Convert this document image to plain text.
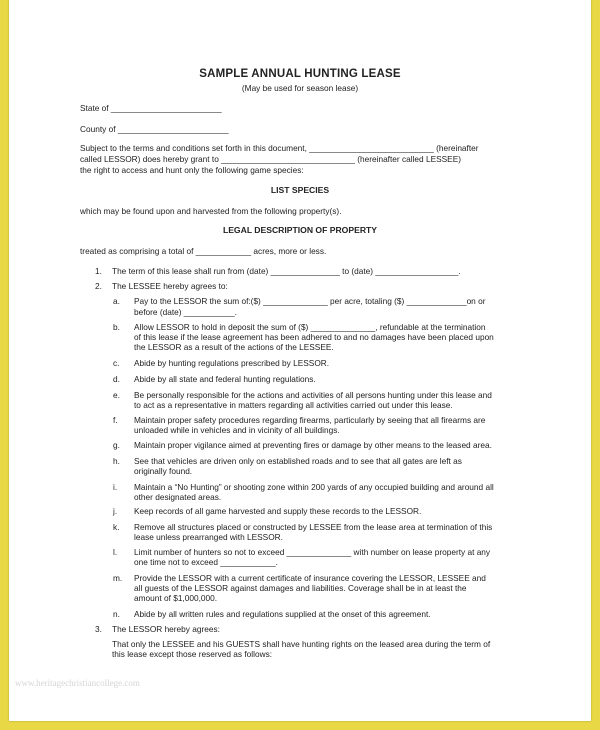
SAMPLE ANNUAL HUNTING LEASE
(May be used for season lease)
State of ________________________
County of ________________________
Subject to the terms and conditions set forth in this document, ___________________________ (hereinafter
called LESSOR) does hereby grant to _____________________________ (hereinafter called LESSEE)
the right to access and hunt only the following game species:
LIST SPECIES
which may be found upon and harvested from the following property(s).
LEGAL DESCRIPTION OF PROPERTY
treated as comprising a total of ____________ acres, more or less.
1. The term of this lease shall run from (date) _______________ to (date) __________________.
2. The LESSEE hereby agrees to:
a. Pay to the LESSOR the sum of:($) ______________ per acre, totaling ($) _____________on or
before (date) ___________.
b. Allow LESSOR to hold in deposit the sum of ($) ______________, refundable at the termination
of this lease if the lease agreement has been adhered to and no damages have been placed upon
the LESSOR as a result of the actions of the LESSEE.
c. Abide by hunting regulations prescribed by LESSOR.
d. Abide by all state and federal hunting regulations.
e. Be personally responsible for the actions and activities of all persons hunting under this lease and
to act as a representative in matters regarding all activities carried out under this lease.
f. Maintain proper safety procedures regarding firearms, particularly by seeing that all firearms are
unloaded while in vehicles and in vicinity of all buildings.
g. Maintain proper vigilance aimed at preventing fires or damage by other means to the leased area.
h. See that vehicles are driven only on established roads and to see that all gates are left as
originally found.
i. Maintain a “No Hunting” or shooting zone within 200 yards of any occupied building and around all
other designated areas.
j. Keep records of all game harvested and supply these records to the LESSOR.
k. Remove all structures placed or constructed by LESSEE from the lease area at termination of this
lease unless prearranged with LESSOR.
l. Limit number of hunters so not to exceed ______________ with number on lease property at any
one time not to exceed ____________.
m. Provide the LESSOR with a current certificate of insurance covering the LESSOR, LESSEE and
all guests of the LESSOR against damages and liabilities. Coverage shall be in at least the
amount of $1,000,000.
n. Abide by all written rules and regulations supplied at the onset of this agreement.
3. The LESSOR hereby agrees:
That only the LESSEE and his GUESTS shall have hunting rights on the leased area during the term of
this lease except those reserved as follows:
www.heritagechristiancollege.com
